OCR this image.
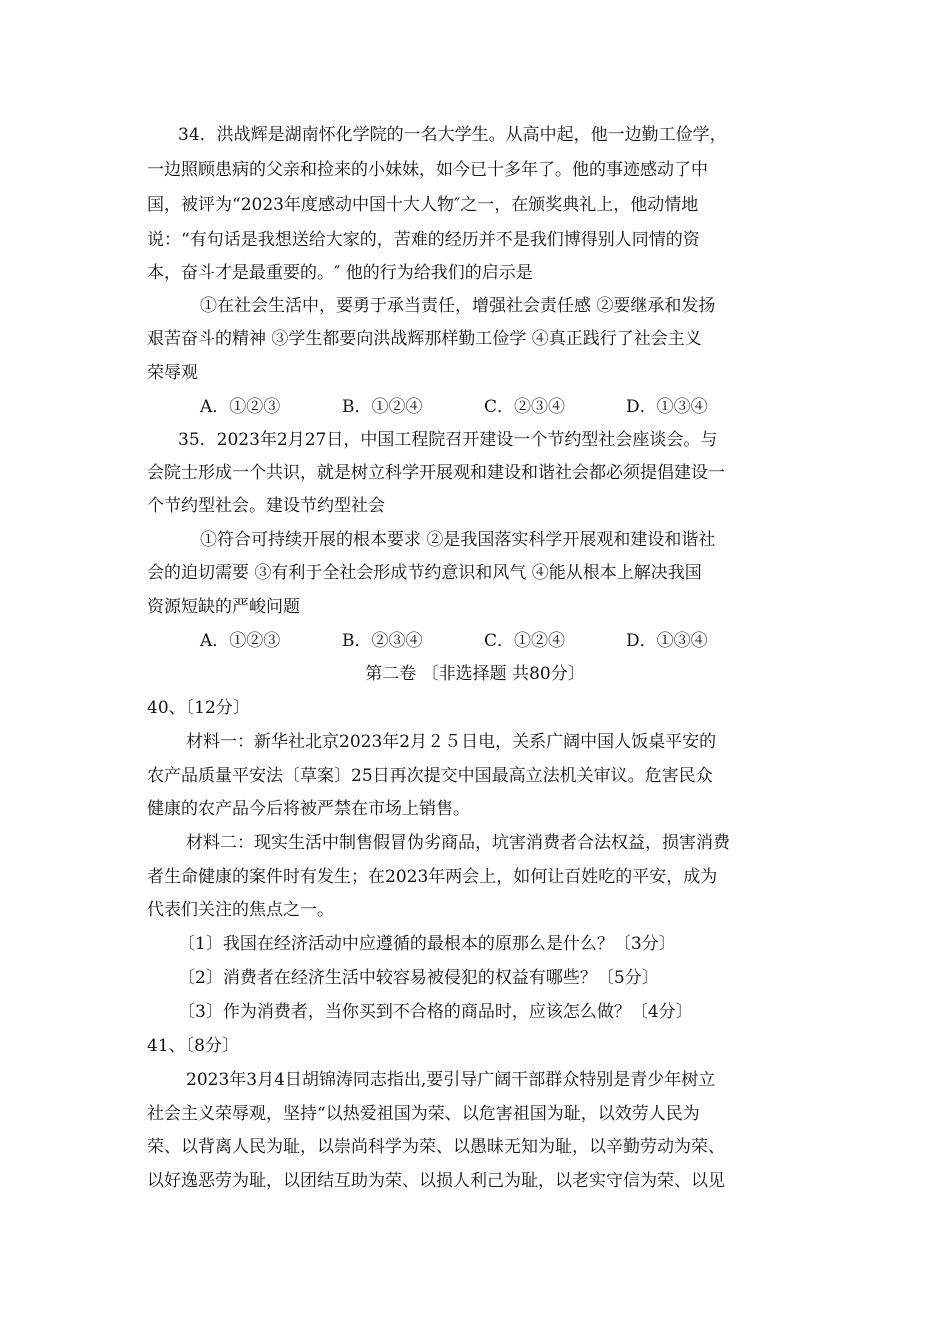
34．洪战辉是湖南怀化学院的一名大学生。从高中起，他一边勤工俭学，
一边照顾患病的父亲和捡来的小妹妹，如今已十多年了。他的事迹感动了中
国，被评为“2023年度感动中国十大人物″之一，在颁奖典礼上，他动情地
说：“有句话是我想送给大家的，苦难的经历并不是我们博得别人同情的资
本，奋斗才是最重要的。″ 他的行为给我们的启示是
①在社会生活中，要勇于承当责任，增强社会责任感 ②要继承和发扬
艰苦奋斗的精神 ③学生都要向洪战辉那样勤工俭学 ④真正践行了社会主义
荣辱观
A．①②③	B．①②④	C．②③④	D．①③④
35．2023年2月27日，中国工程院召开建设一个节约型社会座谈会。与
会院士形成一个共识，就是树立科学开展观和建设和谐社会都必须提倡建设一
个节约型社会。建设节约型社会
①符合可持续开展的根本要求 ②是我国落实科学开展观和建设和谐社
会的迫切需要 ③有利于全社会形成节约意识和风气 ④能从根本上解决我国
资源短缺的严峻问题
A．①②③	B．②③④	C．①②④	D．①③④
第二卷 〔非选择题 共80分〕
40、〔12分〕
材料一：新华社北京2023年2月２５日电，关系广阔中国人饭桌平安的
农产品质量平安法〔草案〕25日再次提交中国最高立法机关审议。危害民众
健康的农产品今后将被严禁在市场上销售。
材料二：现实生活中制售假冒伪劣商品，坑害消费者合法权益，损害消费
者生命健康的案件时有发生；在2023年两会上，如何让百姓吃的平安，成为
代表们关注的焦点之一。
〔1〕我国在经济活动中应遵循的最根本的原那么是什么？〔3分〕
〔2〕消费者在经济生活中较容易被侵犯的权益有哪些？〔5分〕
〔3〕作为消费者，当你买到不合格的商品时，应该怎么做？〔4分〕
41、〔8分〕
2023年3月4日胡锦涛同志指出,要引导广阔干部群众特别是青少年树立
社会主义荣辱观，坚持“以热爱祖国为荣、以危害祖国为耻，以效劳人民为
荣、以背离人民为耻，以崇尚科学为荣、以愚昧无知为耻，以辛勤劳动为荣、
以好逸恶劳为耻，以团结互助为荣、以损人利己为耻，以老实守信为荣、以见
